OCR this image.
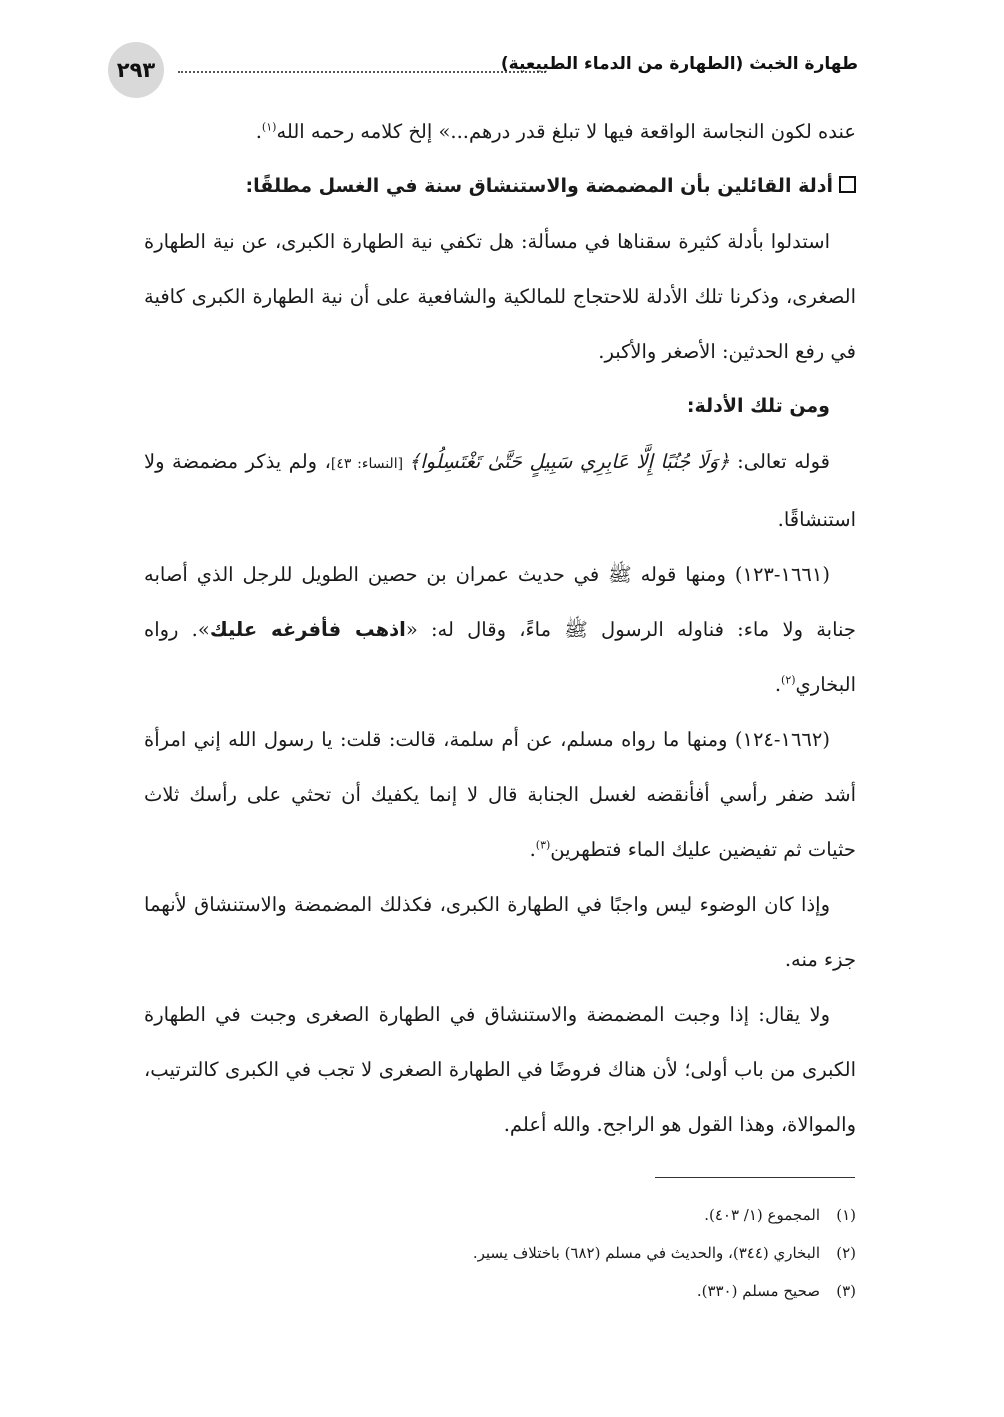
٢٩٣	طهارة الخبث (الطهارة من الدماء الطبيعية)

عنده لكون النجاسة الواقعة فيها لا تبلغ قدر درهم...» إلخ كلامه رحمه الله$^{(١)}$.

أدلة القائلين بأن المضمضة والاستنشاق سنة في الغسل مطلقًا:

استدلوا بأدلة كثيرة سقناها في مسألة: هل تكفي نية الطهارة الكبرى، عن نية الطهارة الصغرى، وذكرنا تلك الأدلة للاحتجاج للمالكية والشافعية على أن نية الطهارة الكبرى كافية في رفع الحدثين: الأصغر والأكبر.

ومن تلك الأدلة:

قوله تعالى: ﴿وَلَا جُنُبًا إِلَّا عَابِرِي سَبِيلٍ حَتَّىٰ تَغْتَسِلُوا﴾ [النساء: ٤٣]، ولم يذكر مضمضة ولا استنشاقًا.

(١٦٦١-١٢٣) ومنها قوله ﷺ في حديث عمران بن حصين الطويل للرجل الذي أصابه جنابة ولا ماء: فناوله الرسول ﷺ ماءً، وقال له: «اذهب فأفرغه عليك». رواه البخاري$^{(٢)}$.

(١٦٦٢-١٢٤) ومنها ما رواه مسلم، عن أم سلمة، قالت: قلت: يا رسول الله إني امرأة أشد ضفر رأسي أفأنقضه لغسل الجنابة قال لا إنما يكفيك أن تحثي على رأسك ثلاث حثيات ثم تفيضين عليك الماء فتطهرين$^{(٣)}$.

وإذا كان الوضوء ليس واجبًا في الطهارة الكبرى، فكذلك المضمضة والاستنشاق لأنهما جزء منه.

ولا يقال: إذا وجبت المضمضة والاستنشاق في الطهارة الصغرى وجبت في الطهارة الكبرى من باب أولى؛ لأن هناك فروضًا في الطهارة الصغرى لا تجب في الكبرى كالترتيب، والموالاة، وهذا القول هو الراجح. والله أعلم.

(١)المجموع (١/ ٤٠٣).

(٢)البخاري (٣٤٤)، والحديث في مسلم (٦٨٢) باختلاف يسير.

(٣)صحيح مسلم (٣٣٠).
